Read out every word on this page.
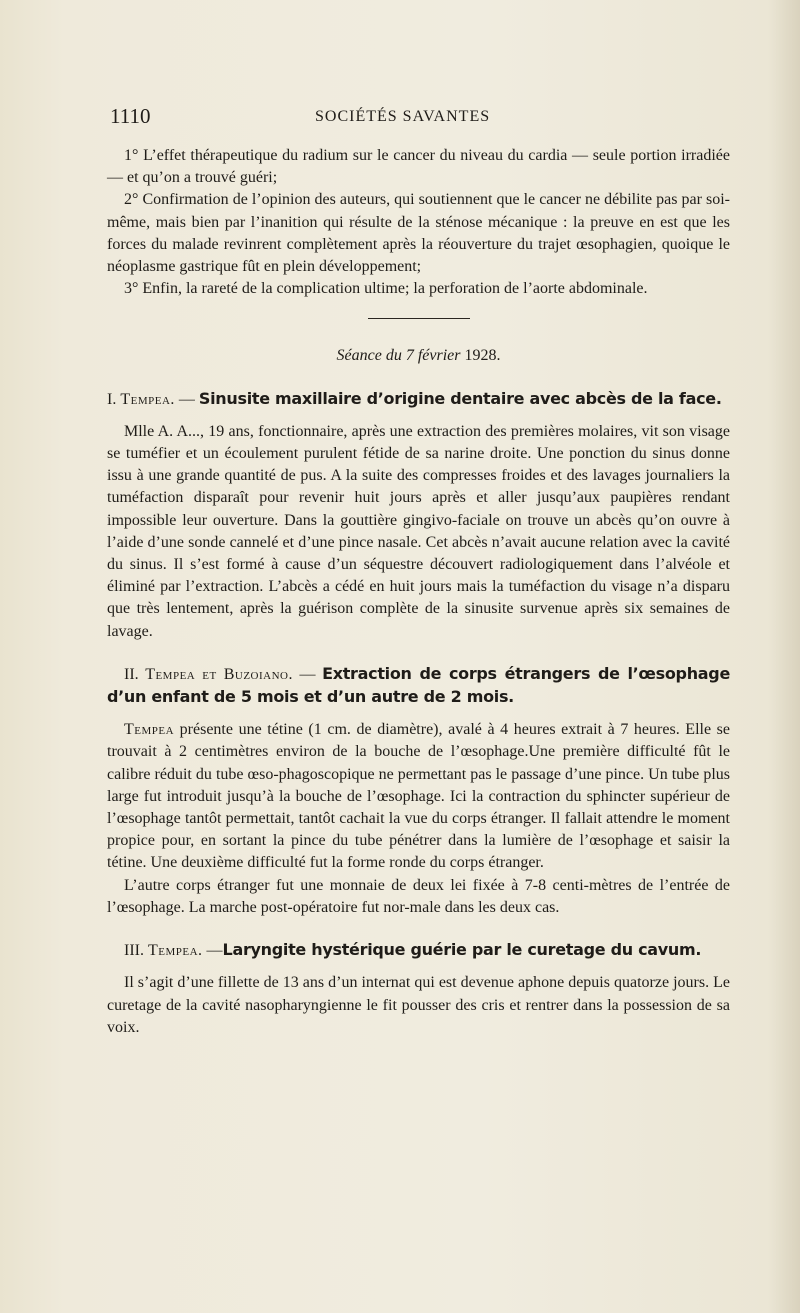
1110	SOCIÉTÉS SAVANTES

1° L’effet thérapeutique du radium sur le cancer du niveau du cardia — seule portion irradiée — et qu’on a trouvé guéri;

2° Confirmation de l’opinion des auteurs, qui soutiennent que le cancer ne débilite pas par soi-même, mais bien par l’inanition qui résulte de la sténose mécanique : la preuve en est que les forces du malade revinrent complètement après la réouverture du trajet œsophagien, quoique le néoplasme gastrique fût en plein développement;

3° Enfin, la rareté de la complication ultime; la perforation de l’aorte abdominale.

Séance du 7 février 1928.

I. Tempea. — Sinusite maxillaire d’origine dentaire avec abcès de la face.

Mlle A. A..., 19 ans, fonctionnaire, après une extraction des premières molaires, vit son visage se tuméfier et un écoulement purulent fétide de sa narine droite. Une ponction du sinus donne issu à une grande quantité de pus. A la suite des compresses froides et des lavages journaliers la tuméfaction disparaît pour revenir huit jours après et aller jusqu’aux paupières rendant impossible leur ouverture. Dans la gouttière gingivo-faciale on trouve un abcès qu’on ouvre à l’aide d’une sonde cannelé et d’une pince nasale. Cet abcès n’avait aucune relation avec la cavité du sinus. Il s’est formé à cause d’un séquestre découvert radiologiquement dans l’alvéole et éliminé par l’extraction. L’abcès a cédé en huit jours mais la tuméfaction du visage n’a disparu que très lentement, après la guérison complète de la sinusite survenue après six semaines de lavage.

II. Tempea et Buzoiano. — Extraction de corps étrangers de l’œsophage d’un enfant de 5 mois et d’un autre de 2 mois.

Tempea présente une tétine (1 cm. de diamètre), avalé à 4 heures extrait à 7 heures. Elle se trouvait à 2 centimètres environ de la bouche de l’œsophage.Une première difficulté fût le calibre réduit du tube œso-phagoscopique ne permettant pas le passage d’une pince. Un tube plus large fut introduit jusqu’à la bouche de l’œsophage. Ici la contraction du sphincter supérieur de l’œsophage tantôt permettait, tantôt cachait la vue du corps étranger. Il fallait attendre le moment propice pour, en sortant la pince du tube pénétrer dans la lumière de l’œsophage et saisir la tétine. Une deuxième difficulté fut la forme ronde du corps étranger.

L’autre corps étranger fut une monnaie de deux lei fixée à 7-8 centi-mètres de l’entrée de l’œsophage. La marche post-opératoire fut nor-male dans les deux cas.

III. Tempea. —Laryngite hystérique guérie par le curetage du cavum.

Il s’agit d’une fillette de 13 ans d’un internat qui est devenue aphone depuis quatorze jours. Le curetage de la cavité nasopharyngienne le fit pousser des cris et rentrer dans la possession de sa voix.
